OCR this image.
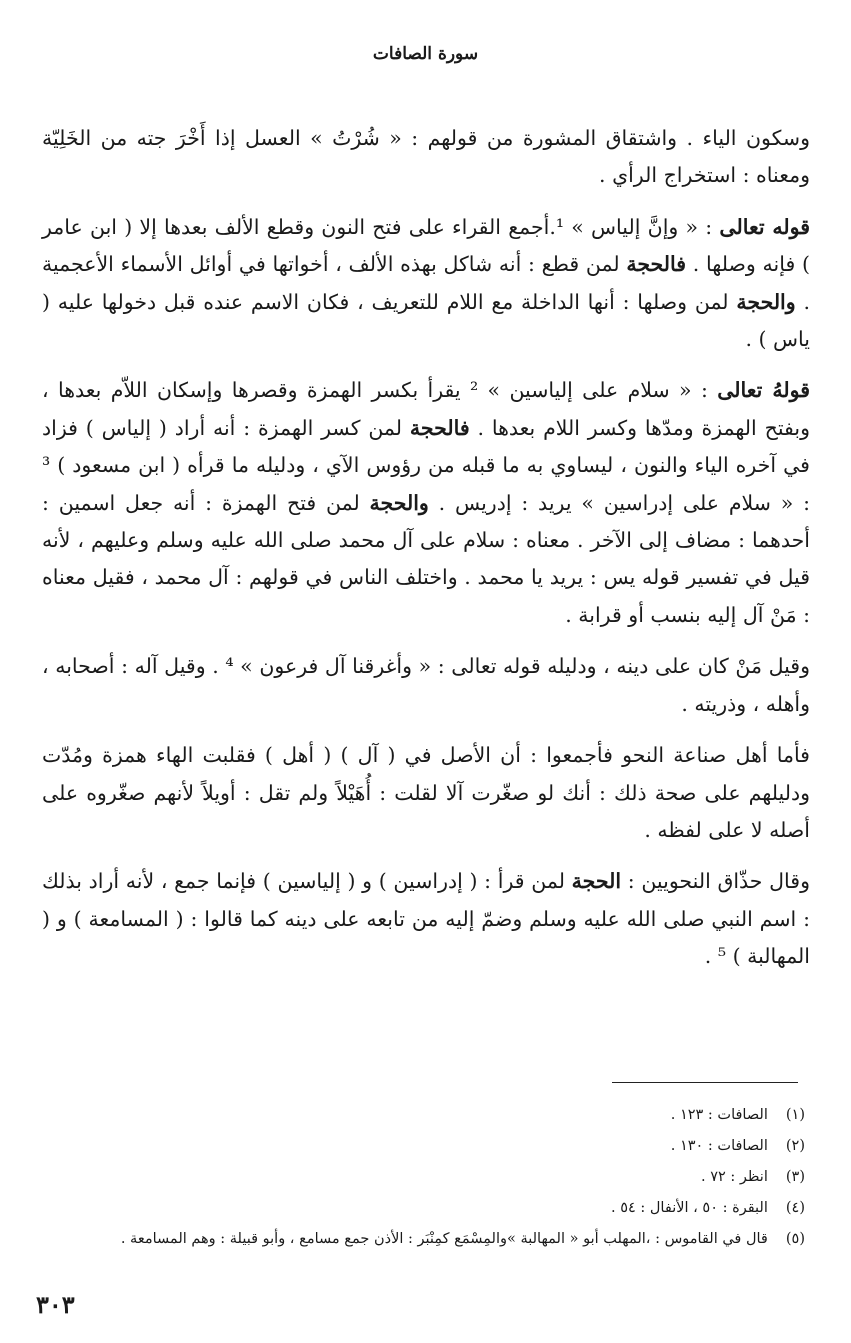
سورة الصافات

وسكون الياء . واشتقاق المشورة من قولهم : « شُرْتُ » العسل إذا أَخْرَ جته من الخَلِيّة ومعناه : استخراج الرأي .

قوله تعالى : « وإنَّ إلياس » ¹.أجمع القراء على فتح النون وقطع الألف بعدها إلا ( ابن عامر ) فإنه وصلها . فالحجة لمن قطع : أنه شاكل بهذه الألف ، أخواتها في أوائل الأسماء الأعجمية . والحجة لمن وصلها : أنها الداخلة مع اللام للتعريف ، فكان الاسم عنده قبل دخولها عليه ( ياس ) .

قولهُ تعالى : « سلام على إلياسين » ² يقرأ بكسر الهمزة وقصرها وإسكان اللاّم بعدها ، وبفتح الهمزة ومدّها وكسر اللام بعدها . فالحجة لمن كسر الهمزة : أنه أراد ( إلياس ) فزاد في آخره الياء والنون ، ليساوي به ما قبله من رؤوس الآي ، ودليله ما قرأه ( ابن مسعود ) ³ : « سلام على إدراسين » يريد : إدريس . والحجة لمن فتح الهمزة : أنه جعل اسمين : أحدهما : مضاف إلى الآخر . معناه : سلام على آل محمد صلى الله عليه وسلم وعليهم ، لأنه قيل في تفسير قوله يس : يريد يا محمد . واختلف الناس في قولهم : آل محمد ، فقيل معناه : مَنْ آل إليه بنسب أو قرابة .

وقيل مَنْ كان على دينه ، ودليله قوله تعالى : « وأغرقنا آل فرعون » ⁴ . وقيل آله : أصحابه ، وأهله ، وذريته .

فأما أهل صناعة النحو فأجمعوا : أن الأصل في ( آل ) ( أهل ) فقلبت الهاء همزة ومُدّت ودليلهم على صحة ذلك : أنك لو صغّرت آلا لقلت : أُهَيْلاً ولم تقل : أويلاً لأنهم صغّروه على أصله لا على لفظه .

وقال حذّاق النحويين : الحجة لمن قرأ : ( إدراسين ) و ( إلياسين ) فإنما جمع ، لأنه أراد بذلك : اسم النبي صلى الله عليه وسلم وضمّ إليه من تابعه على دينه كما قالوا : ( المسامعة ) و ( المهالبة ) ⁵ .

(١)الصافات : ١٢٣ .
(٢)الصافات : ١٣٠ .
(٣)انظر : ٧٢ .
(٤)البقرة : ٥٠ ، الأنفال : ٥٤ .
(٥)قال في القاموس : ،المهلب أبو « المهالبة »والمِسْمَع كمِنْبَر : الأذن جمع مسامع ، وأبو قبيلة : وهم المسامعة .
٣٠٣
